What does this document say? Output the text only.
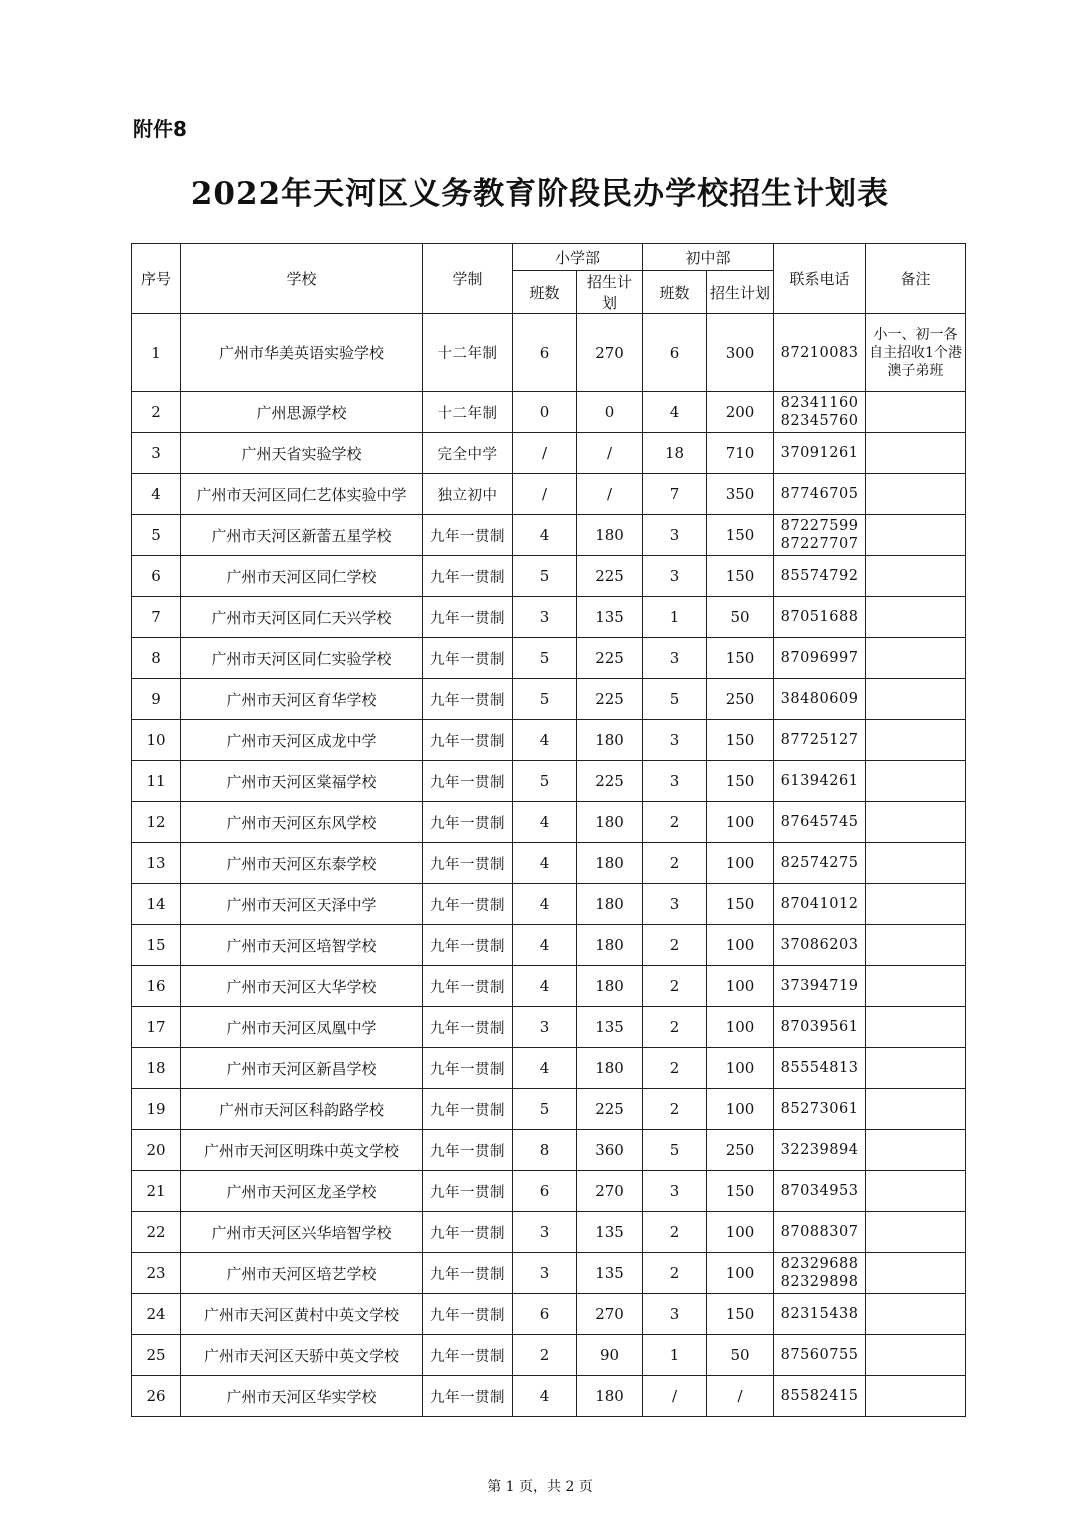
附件8
2022年天河区义务教育阶段民办学校招生计划表
序号	学校	学制	小学部		初中部		联系电话	备注
			班数	招生计划	班数	招生计划		
1	广州市华美英语实验学校	十二年制	6	270	6	300	87210083	小一、初一各自主招收1个港澳子弟班
2	广州思源学校	十二年制	0	0	4	200	82341160
82345760	

3	广州天省实验学校	完全中学	/	/	18	710	37091261	

4	广州市天河区同仁艺体实验中学	独立初中	/	/	7	350	87746705	

5	广州市天河区新蕾五星学校	九年一贯制	4	180	3	150	87227599
87227707	

6	广州市天河区同仁学校	九年一贯制	5	225	3	150	85574792	

7	广州市天河区同仁天兴学校	九年一贯制	3	135	1	50	87051688	

8	广州市天河区同仁实验学校	九年一贯制	5	225	3	150	87096997	

9	广州市天河区育华学校	九年一贯制	5	225	5	250	38480609	

10	广州市天河区成龙中学	九年一贯制	4	180	3	150	87725127	

11	广州市天河区棠福学校	九年一贯制	5	225	3	150	61394261	

12	广州市天河区东风学校	九年一贯制	4	180	2	100	87645745	

13	广州市天河区东泰学校	九年一贯制	4	180	2	100	82574275	

14	广州市天河区天泽中学	九年一贯制	4	180	3	150	87041012	

15	广州市天河区培智学校	九年一贯制	4	180	2	100	37086203	

16	广州市天河区大华学校	九年一贯制	4	180	2	100	37394719	

17	广州市天河区凤凰中学	九年一贯制	3	135	2	100	87039561	

18	广州市天河区新昌学校	九年一贯制	4	180	2	100	85554813	

19	广州市天河区科韵路学校	九年一贯制	5	225	2	100	85273061	

20	广州市天河区明珠中英文学校	九年一贯制	8	360	5	250	32239894	

21	广州市天河区龙圣学校	九年一贯制	6	270	3	150	87034953	

22	广州市天河区兴华培智学校	九年一贯制	3	135	2	100	87088307	

23	广州市天河区培艺学校	九年一贯制	3	135	2	100	82329688
82329898	

24	广州市天河区黄村中英文学校	九年一贯制	6	270	3	150	82315438	

25	广州市天河区天骄中英文学校	九年一贯制	2	90	1	50	87560755	

26	广州市天河区华实学校	九年一贯制	4	180	/	/	85582415	

第 1 页，共 2 页
